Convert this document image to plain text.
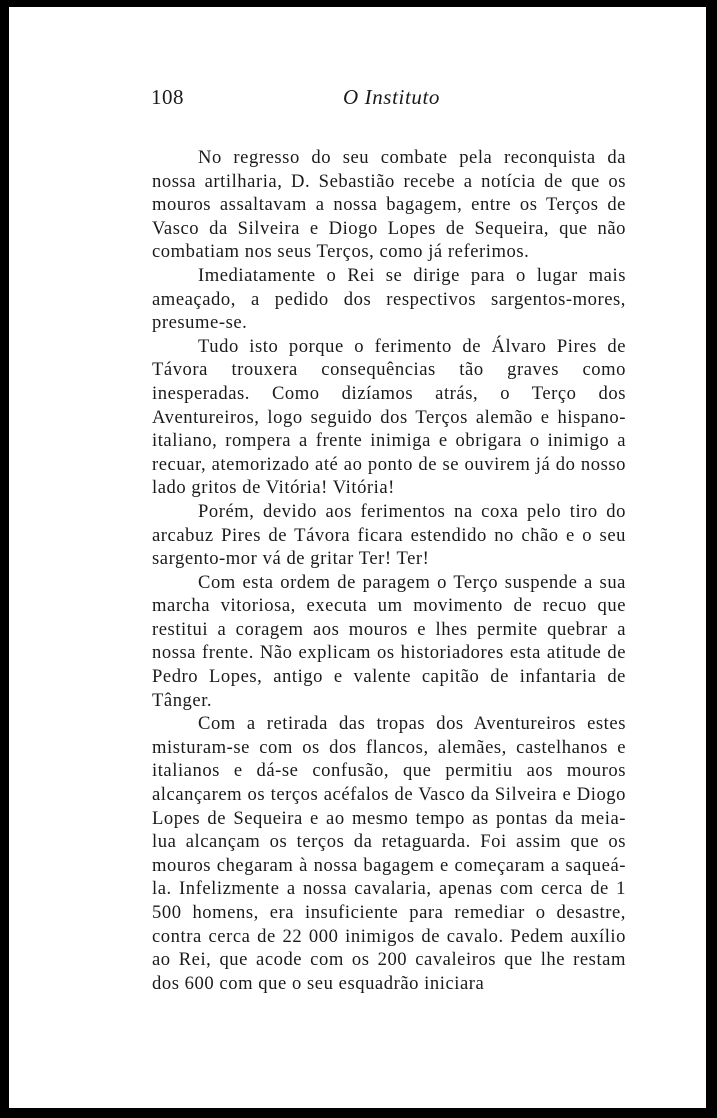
108	O Instituto

No regresso do seu combate pela reconquista da nossa artilharia, D. Sebastião recebe a notícia de que os mouros assaltavam a nossa bagagem, entre os Terços de Vasco da Silveira e Diogo Lopes de Sequeira, que não combatiam nos seus Terços, como já referimos.

Imediatamente o Rei se dirige para o lugar mais ameaçado, a pedido dos respectivos sargentos-mores, presume-se.

Tudo isto porque o ferimento de Álvaro Pires de Távora trouxera consequências tão graves como inesperadas. Como dizíamos atrás, o Terço dos Aventureiros, logo seguido dos Terços alemão e hispano-italiano, rompera a frente inimiga e obrigara o inimigo a recuar, atemorizado até ao ponto de se ouvirem já do nosso lado gritos de Vitória! Vitória!

Porém, devido aos ferimentos na coxa pelo tiro do arcabuz Pires de Távora ficara estendido no chão e o seu sargento-mor vá de gritar Ter! Ter!

Com esta ordem de paragem o Terço suspende a sua marcha vitoriosa, executa um movimento de recuo que restitui a coragem aos mouros e lhes permite quebrar a nossa frente. Não explicam os historiadores esta atitude de Pedro Lopes, antigo e valente capitão de infantaria de Tânger.

Com a retirada das tropas dos Aventureiros estes misturam-se com os dos flancos, alemães, castelhanos e italianos e dá-se confusão, que permitiu aos mouros alcançarem os terços acéfalos de Vasco da Silveira e Diogo Lopes de Sequeira e ao mesmo tempo as pontas da meia-lua alcançam os terços da retaguarda. Foi assim que os mouros chegaram à nossa bagagem e começaram a saqueá-la. Infelizmente a nossa cavalaria, apenas com cerca de 1 500 homens, era insuficiente para remediar o desastre, contra cerca de 22 000 inimigos de cavalo. Pedem auxílio ao Rei, que acode com os 200 cavaleiros que lhe restam dos 600 com que o seu esquadrão iniciara
